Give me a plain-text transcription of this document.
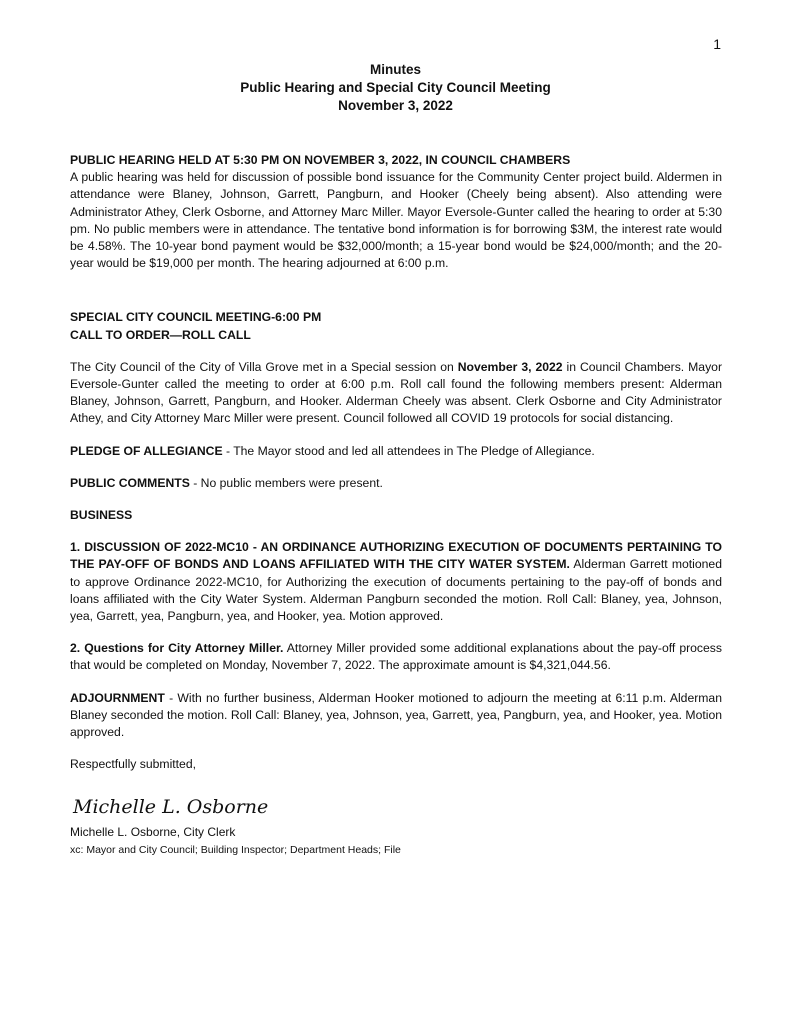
1
Minutes
Public Hearing and Special City Council Meeting
November 3, 2022
PUBLIC HEARING HELD AT 5:30 PM ON NOVEMBER 3, 2022, IN COUNCIL CHAMBERS

A public hearing was held for discussion of possible bond issuance for the Community Center project build. Aldermen in attendance were Blaney, Johnson, Garrett, Pangburn, and Hooker (Cheely being absent). Also attending were Administrator Athey, Clerk Osborne, and Attorney Marc Miller. Mayor Eversole-Gunter called the hearing to order at 5:30 pm. No public members were in attendance. The tentative bond information is for borrowing $3M, the interest rate would be 4.58%. The 10-year bond payment would be $32,000/month; a 15-year bond would be $24,000/month; and the 20-year would be $19,000 per month. The hearing adjourned at 6:00 p.m.

SPECIAL CITY COUNCIL MEETING-6:00 PM
CALL TO ORDER—ROLL CALL

The City Council of the City of Villa Grove met in a Special session on November 3, 2022 in Council Chambers. Mayor Eversole-Gunter called the meeting to order at 6:00 p.m. Roll call found the following members present: Alderman Blaney, Johnson, Garrett, Pangburn, and Hooker. Alderman Cheely was absent. Clerk Osborne and City Administrator Athey, and City Attorney Marc Miller were present. Council followed all COVID 19 protocols for social distancing.

PLEDGE OF ALLEGIANCE - The Mayor stood and led all attendees in The Pledge of Allegiance.

PUBLIC COMMENTS - No public members were present.

BUSINESS

1. DISCUSSION OF 2022-MC10 - AN ORDINANCE AUTHORIZING EXECUTION OF DOCUMENTS PERTAINING TO THE PAY-OFF OF BONDS AND LOANS AFFILIATED WITH THE CITY WATER SYSTEM. Alderman Garrett motioned to approve Ordinance 2022-MC10, for Authorizing the execution of documents pertaining to the pay-off of bonds and loans affiliated with the City Water System. Alderman Pangburn seconded the motion. Roll Call: Blaney, yea, Johnson, yea, Garrett, yea, Pangburn, yea, and Hooker, yea. Motion approved.

2. Questions for City Attorney Miller. Attorney Miller provided some additional explanations about the pay-off process that would be completed on Monday, November 7, 2022. The approximate amount is $4,321,044.56.

ADJOURNMENT - With no further business, Alderman Hooker motioned to adjourn the meeting at 6:11 p.m. Alderman Blaney seconded the motion. Roll Call: Blaney, yea, Johnson, yea, Garrett, yea, Pangburn, yea, and Hooker, yea. Motion approved.

Respectfully submitted,
Michelle L. Osborne
Michelle L. Osborne, City Clerk
xc: Mayor and City Council; Building Inspector; Department Heads; File
